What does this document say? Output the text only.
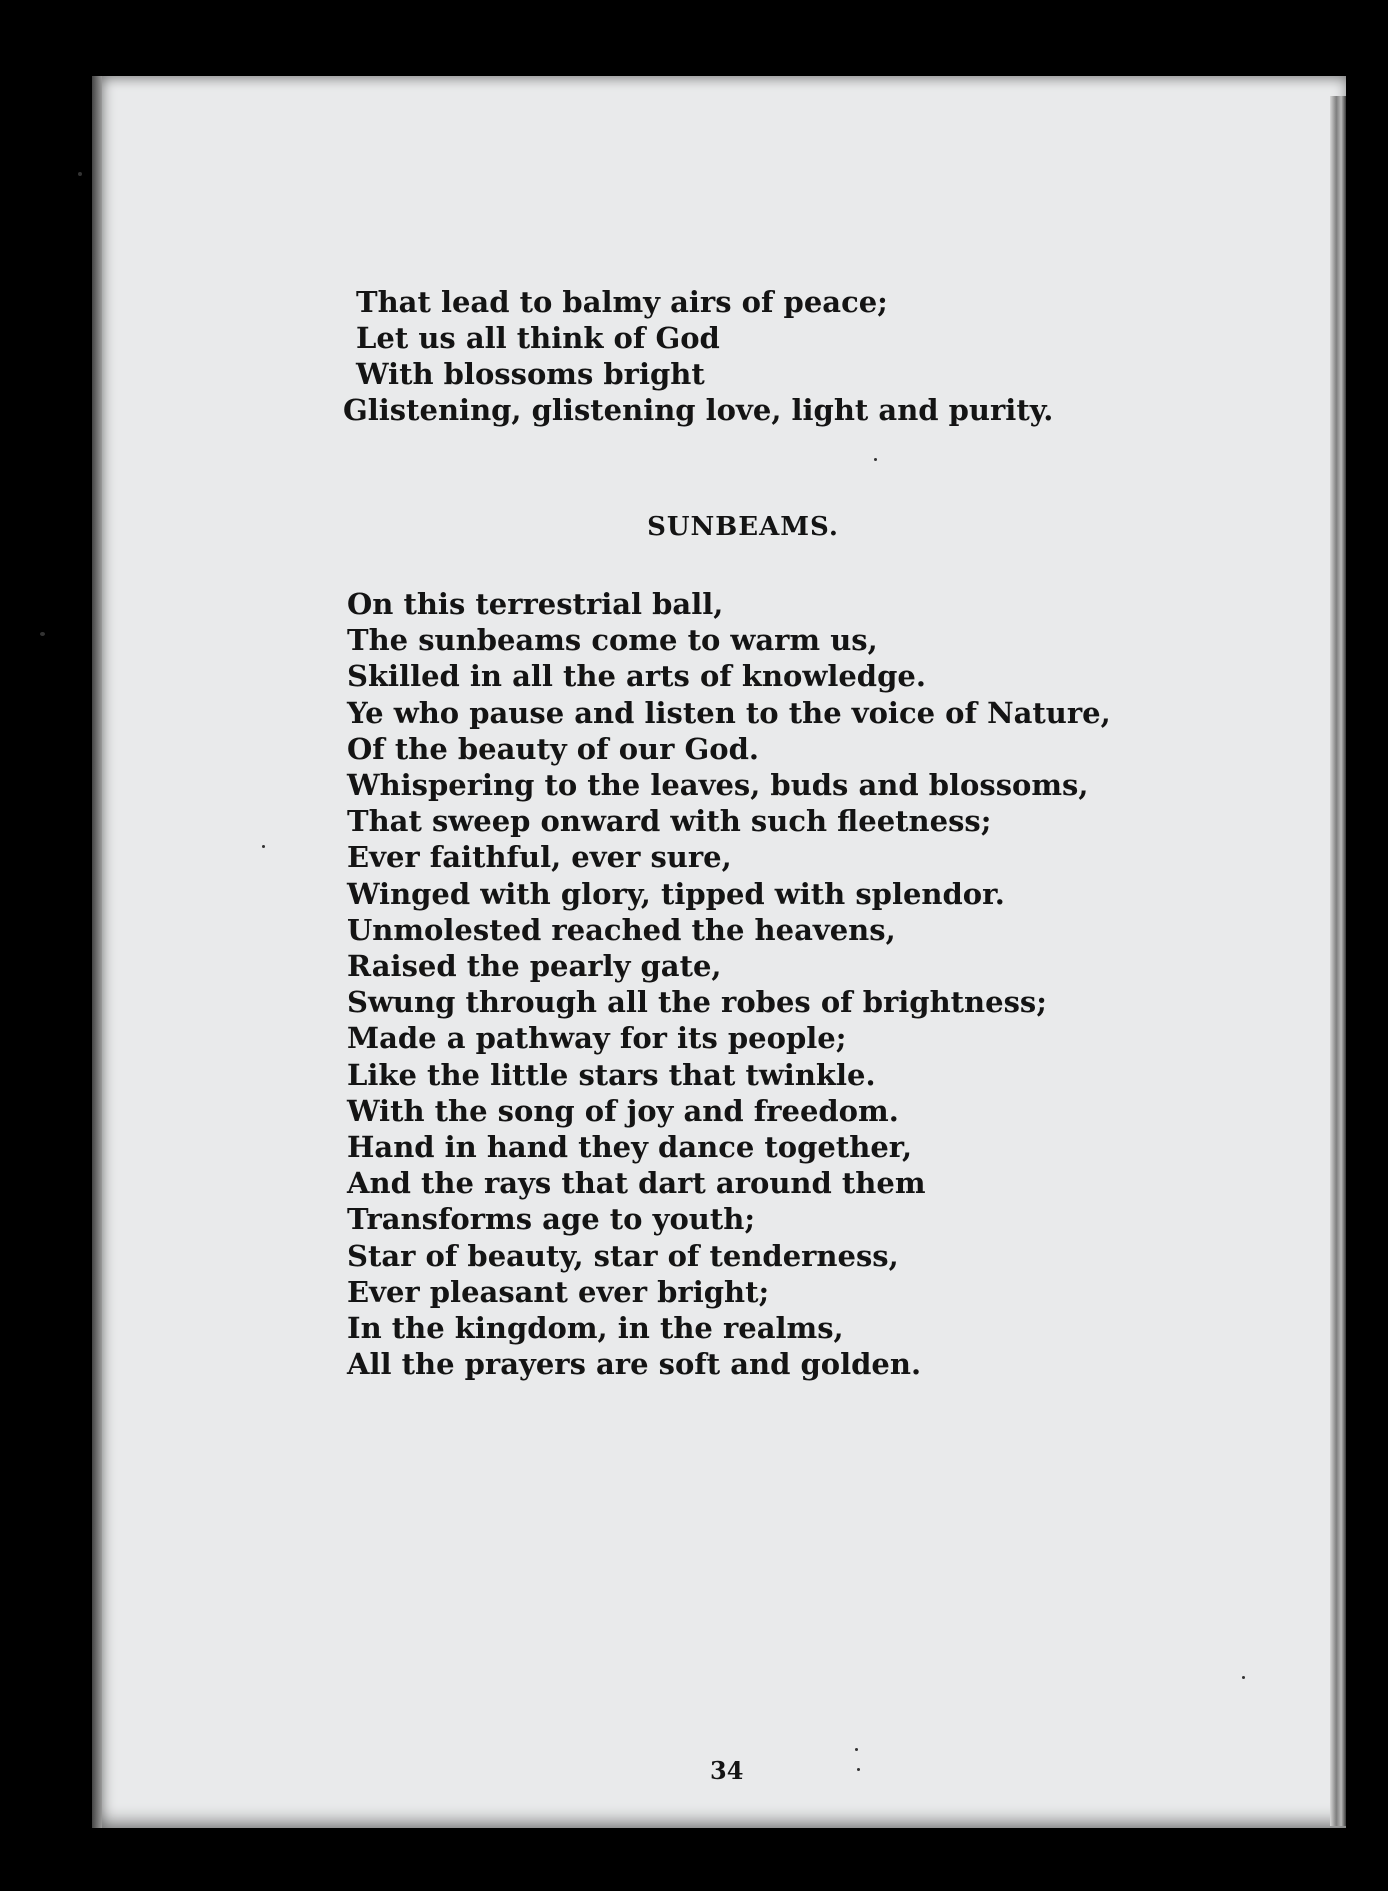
That lead to balmy airs of peace;
Let us all think of God
With blossoms bright
Glistening, glistening love, light and purity.
SUNBEAMS.
On this terrestrial ball,
The sunbeams come to warm us,
Skilled in all the arts of knowledge.
Ye who pause and listen to the voice of Nature,
Of the beauty of our God.
Whispering to the leaves, buds and blossoms,
That sweep onward with such fleetness;
Ever faithful, ever sure,
Winged with glory, tipped with splendor.
Unmolested reached the heavens,
Raised the pearly gate,
Swung through all the robes of brightness;
Made a pathway for its people;
Like the little stars that twinkle.
With the song of joy and freedom.
Hand in hand they dance together,
And the rays that dart around them
Transforms age to youth;
Star of beauty, star of tenderness,
Ever pleasant ever bright;
In the kingdom, in the realms,
All the prayers are soft and golden.
34
